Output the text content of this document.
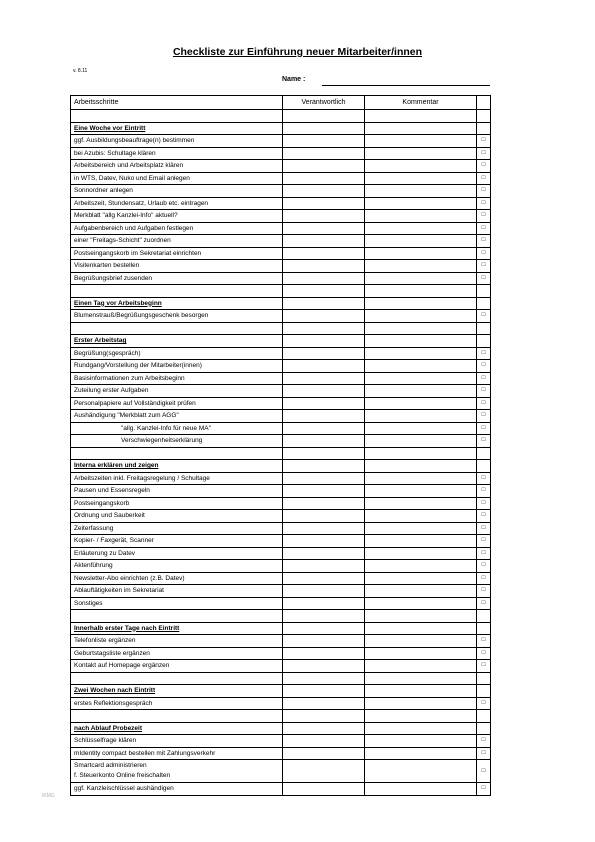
Checkliste zur Einführung neuer Mitarbeiter/innen
v. 8.11
Name :
Arbeitsschritte	Verantwortlich	Kommentar	

Eine Woche vor Eintritt			
ggf. Ausbildungsbeauftrage(n) bestimmen			□
bei Azubis: Schultage klären			□
Arbeitsbereich und Arbeitsplatz klären			□
in WTS, Datev, Nuko und Email anlegen			□
Sonnordner anlegen			□
Arbeitszeit, Stundensatz, Urlaub etc. eintragen			□
Merkblatt "allg Kanzlei-Info" aktuell?			□
Aufgabenbereich und Aufgaben festlegen			□
einer "Freitags-Schicht" zuordnen			□
Postseingangskorb im Sekretariat einrichten			□
Visitenkarten bestellen			□
Begrüßungsbrief zusenden			□

Einen Tag vor Arbeitsbeginn			
Blumenstrauß/Begrüßungsgeschenk besorgen			□

Erster Arbeitstag			
Begrüßung(sgespräch)			□
Rundgang/Vorstellung der Mitarbeiter(innen)			□
Basisinformationen zum Arbeitsbeginn			□
Zuteilung erster Aufgaben			□
Personalpapiere auf Vollständigkeit prüfen			□
Aushändigung "Merkblatt zum AGG"			□
"allg. Kanzlei-Info für neue MA"			□
Verschwiegenheitserklärung			□

Interna erklären und zeigen			
Arbeitszeiten inkl. Freitagsregelung / Schultage			□
Pausen und Essensregeln			□
Postseingangskorb			□
Ordnung und Sauberkeit			□
Zeiterfassung			□
Kopier- / Faxgerät, Scanner			□
Erläuterung zu Datev			□
Aktenführung			□
Newsletter-Abo einrichten (z.B. Datev)			□
Ablauftätigkeiten im Sekretariat			□
Sonstiges			□

Innerhalb erster Tage nach Eintritt			
Telefonliste ergänzen			□
Geburtstagsliste ergänzen			□
Kontakt auf Homepage ergänzen			□

Zwei Wochen nach Eintritt			
erstes Reflektionsgespräch			□

nach Ablauf Probezeit			
Schlüsselfrage klären			□
mIdentity compact bestellen mit Zahlungsverkehr			□

Smartcard administrieren
f. Steuerkonto Online freischalten			□
ggf. Kanzleischlüssel aushändigen			□
IKMG
